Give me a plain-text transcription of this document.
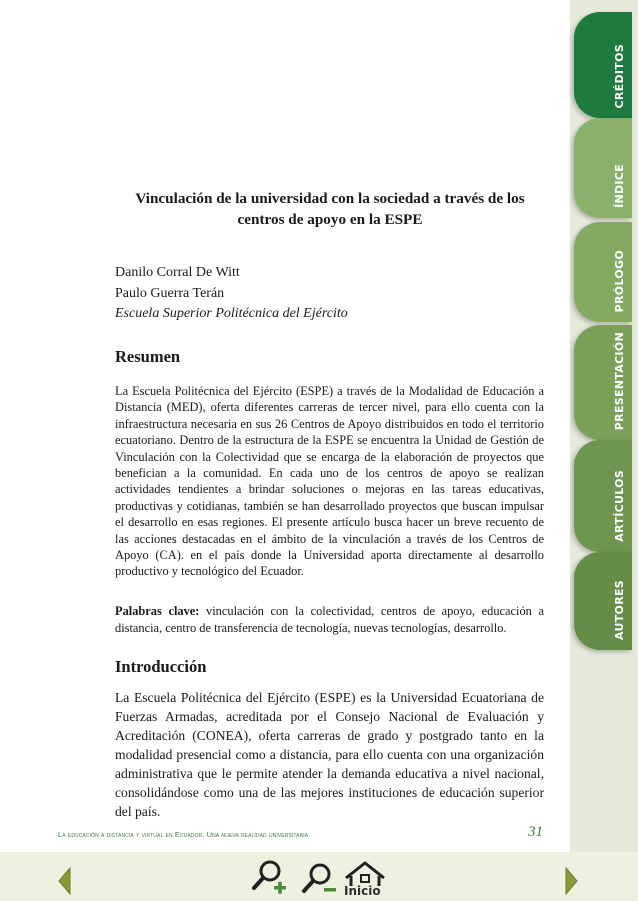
CRÉDITOS
ÍNDICE
PRÓLOGO
PRESENTACIÓN
ARTÍCULOS
AUTORES
Vinculación de la universidad con la sociedad a través de los
centros de apoyo en la ESPE
Danilo Corral De Witt
Paulo Guerra Terán
Escuela Superior Politécnica del Ejército
Resumen

La Escuela Politécnica del Ejército (ESPE) a través de la Modalidad de Educación a Distancia (MED), oferta diferentes carreras de tercer nivel, para ello cuenta con la infraestructura necesaria en sus 26 Centros de Apoyo distribuidos en todo el territorio ecuatoriano. Dentro de la estructura de la ESPE se encuentra la Unidad de Gestión de Vinculación con la Colectividad que se encarga de la elaboración de proyectos que benefician a la comunidad. En cada uno de los centros de apoyo se realizan actividades tendientes a brindar soluciones o mejoras en las tareas educativas, productivas y cotidianas, también se han desarrollado proyectos que buscan impulsar el desarrollo en esas regiones. El presente artículo busca hacer un breve recuento de las acciones destacadas en el ámbito de la vinculación a través de los Centros de Apoyo (CA). en el país donde la Universidad aporta directamente al desarrollo productivo y tecnológico del Ecuador.

Palabras clave: vinculación con la colectividad, centros de apoyo, educación a distancia, centro de transferencia de tecnología, nuevas tecnologías, desarrollo.

Introducción

La Escuela Politécnica del Ejército (ESPE) es la Universidad Ecuatoriana de Fuerzas Armadas, acreditada por el Consejo Nacional de Evaluación y Acreditación (CONEA), oferta carreras de grado y postgrado tanto en la modalidad presencial como a distancia, para ello cuenta con una organización administrativa que le permite atender la demanda educativa a nivel nacional, consolidándose como una de las mejores instituciones de educación superior del país.

La educación a distancia y virtual en Ecuador. Una nueva realidad universitaria	31
Inicio
